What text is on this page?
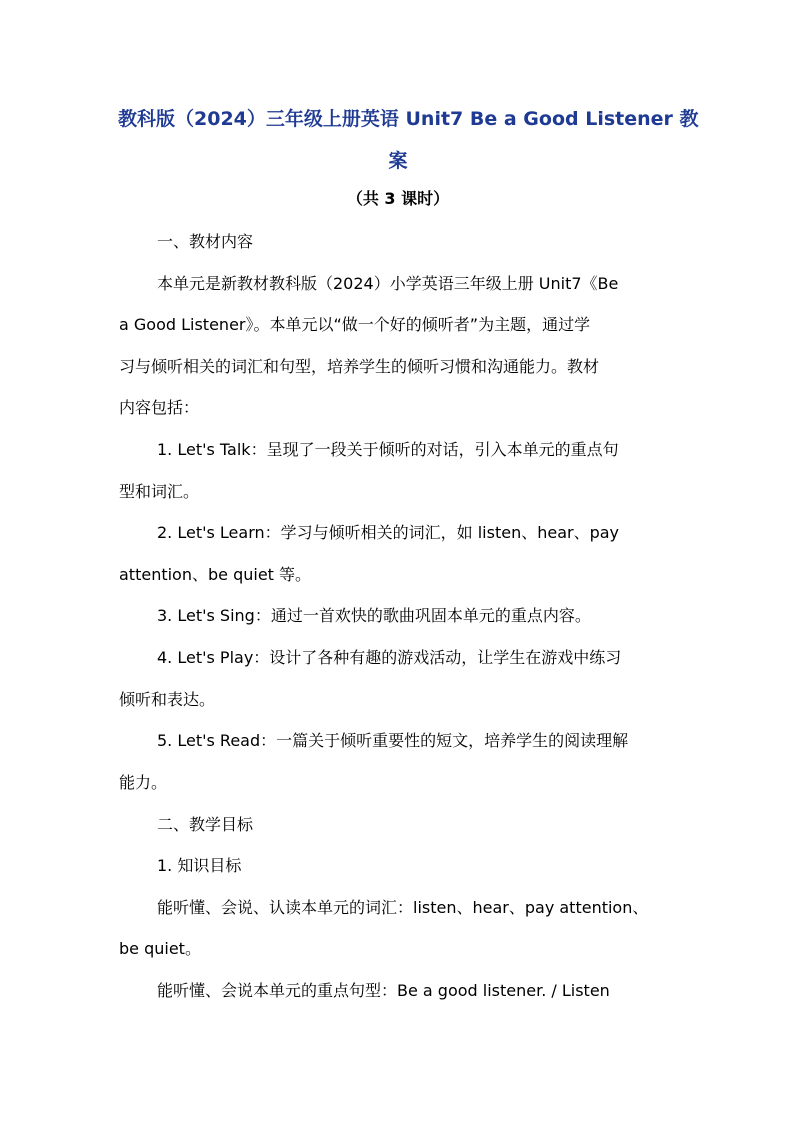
教科版（2024）三年级上册英语 Unit7 Be a Good Listener 教
案
（共 3 课时）
一、教材内容
本单元是新教材教科版（2024）小学英语三年级上册 Unit7《Be
a Good Listener》。本单元以“做一个好的倾听者”为主题，通过学
习与倾听相关的词汇和句型，培养学生的倾听习惯和沟通能力。教材
内容包括：
1. Let's Talk：呈现了一段关于倾听的对话，引入本单元的重点句
型和词汇。
2. Let's Learn：学习与倾听相关的词汇，如 listen、hear、pay
attention、be quiet 等。
3. Let's Sing：通过一首欢快的歌曲巩固本单元的重点内容。
4. Let's Play：设计了各种有趣的游戏活动，让学生在游戏中练习
倾听和表达。
5. Let's Read：一篇关于倾听重要性的短文，培养学生的阅读理解
能力。
二、教学目标
1. 知识目标
能听懂、会说、认读本单元的词汇：listen、hear、pay attention、
be quiet。
能听懂、会说本单元的重点句型：Be a good listener. / Listen
